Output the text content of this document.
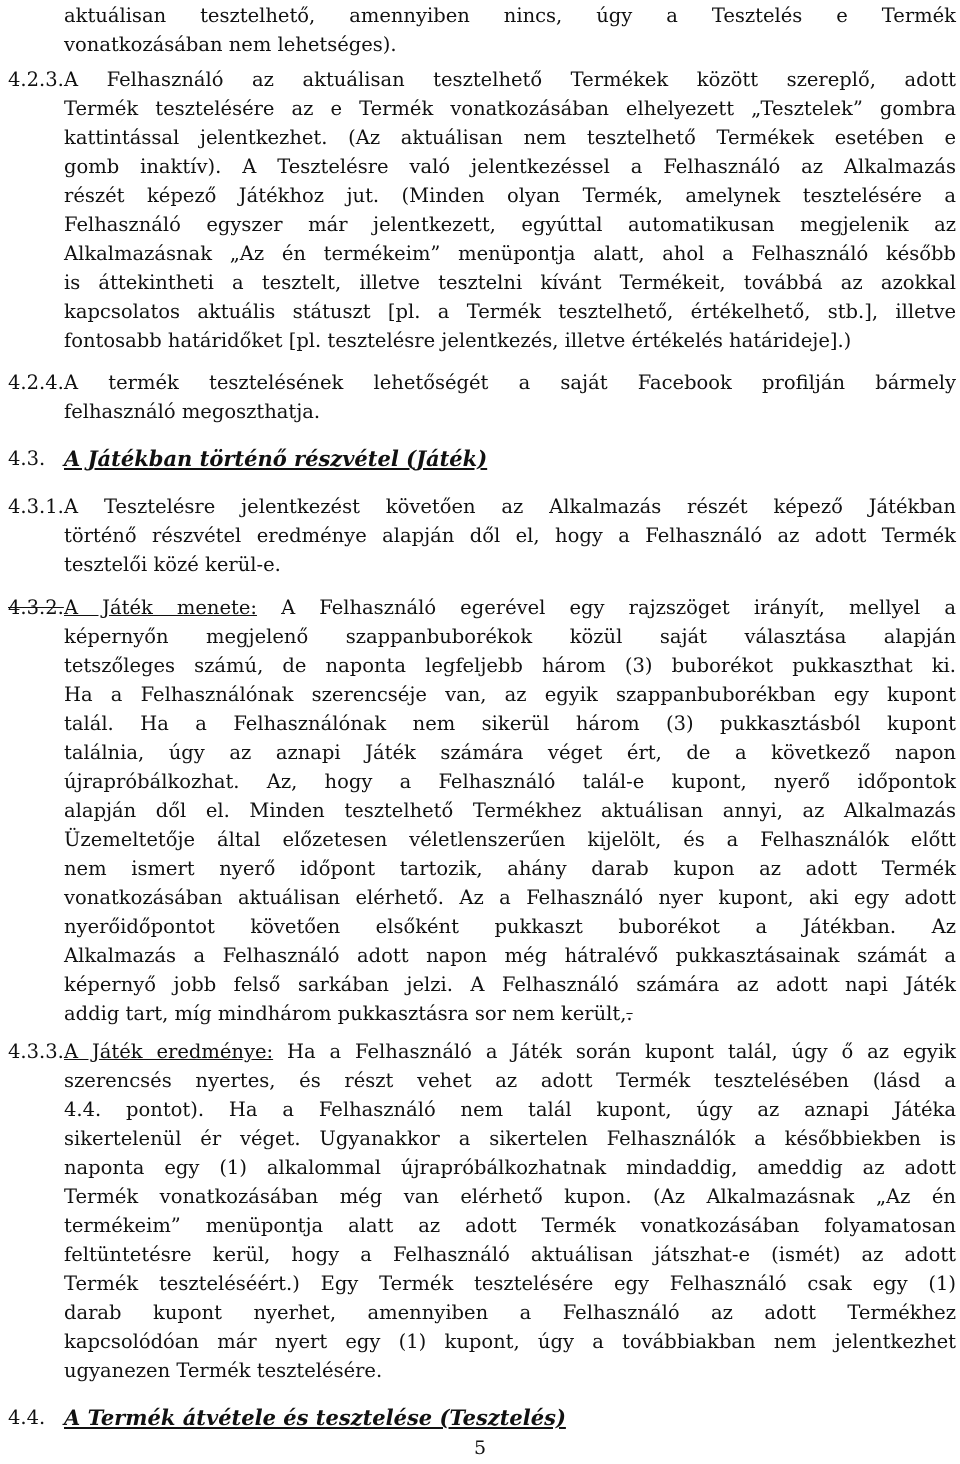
aktuálisan tesztelhető, amennyiben nincs, úgy a Tesztelés e Termék
vonatkozásában nem lehetséges).
4.2.3. A Felhasználó az aktuálisan tesztelhető Termékek között szereplő, adott
Termék tesztelésére az e Termék vonatkozásában elhelyezett „Tesztelek” gombra
kattintással jelentkezhet. (Az aktuálisan nem tesztelhető Termékek esetében e
gomb inaktív). A Tesztelésre való jelentkezéssel a Felhasználó az Alkalmazás
részét képező Játékhoz jut. (Minden olyan Termék, amelynek tesztelésére a
Felhasználó egyszer már jelentkezett, egyúttal automatikusan megjelenik az
Alkalmazásnak „Az én termékeim” menüpontja alatt, ahol a Felhasználó később
is áttekintheti a tesztelt, illetve tesztelni kívánt Termékeit, továbbá az azokkal
kapcsolatos aktuális státuszt [pl. a Termék tesztelhető, értékelhető, stb.], illetve
fontosabb határidőket [pl. tesztelésre jelentkezés, illetve értékelés határideje].)
4.2.4. A termék tesztelésének lehetőségét a saját Facebook profilján bármely
felhasználó megoszthatja.
4.3. A Játékban történő részvétel (Játék)
4.3.1. A Tesztelésre jelentkezést követően az Alkalmazás részét képező Játékban
történő részvétel eredménye alapján dől el, hogy a Felhasználó az adott Termék
tesztelői közé kerül-e.
4.3.2. A Játék menete: A Felhasználó egerével egy rajzszöget irányít, mellyel a
képernyőn megjelenő szappanbuborékok közül saját választása alapján
tetszőleges számú, de naponta legfeljebb három (3) buborékot pukkaszthat ki.
Ha a Felhasználónak szerencséje van, az egyik szappanbuborékban egy kupont
talál. Ha a Felhasználónak nem sikerül három (3) pukkasztásból kupont
találnia, úgy az aznapi Játék számára véget ért, de a következő napon
újrapróbálkozhat. Az, hogy a Felhasználó talál-e kupont, nyerő időpontok
alapján dől el. Minden tesztelhető Termékhez aktuálisan annyi, az Alkalmazás
Üzemeltetője által előzetesen véletlenszerűen kijelölt, és a Felhasználók előtt
nem ismert nyerő időpont tartozik, ahány darab kupon az adott Termék
vonatkozásában aktuálisan elérhető. Az a Felhasználó nyer kupont, aki egy adott
nyerőidőpontot követően elsőként pukkaszt buborékot a Játékban. Az
Alkalmazás a Felhasználó adott napon még hátralévő pukkasztásainak számát a
képernyő jobb felső sarkában jelzi. A Felhasználó számára az adott napi Játék
addig tart, míg mindhárom pukkasztásra sor nem került,.
4.3.3. A Játék eredménye: Ha a Felhasználó a Játék során kupont talál, úgy ő az egyik
szerencsés nyertes, és részt vehet az adott Termék tesztelésében (lásd a
4.4. pontot). Ha a Felhasználó nem talál kupont, úgy az aznapi Játéka
sikertelenül ér véget. Ugyanakkor a sikertelen Felhasználók a későbbiekben is
naponta egy (1) alkalommal újrapróbálkozhatnak mindaddig, ameddig az adott
Termék vonatkozásában még van elérhető kupon. (Az Alkalmazásnak „Az én
termékeim” menüpontja alatt az adott Termék vonatkozásában folyamatosan
feltüntetésre kerül, hogy a Felhasználó aktuálisan játszhat-e (ismét) az adott
Termék teszteléséért.) Egy Termék tesztelésére egy Felhasználó csak egy (1)
darab kupont nyerhet, amennyiben a Felhasználó az adott Termékhez
kapcsolódóan már nyert egy (1) kupont, úgy a továbbiakban nem jelentkezhet
ugyanezen Termék tesztelésére.
4.4. A Termék átvétele és tesztelése (Tesztelés)
5
